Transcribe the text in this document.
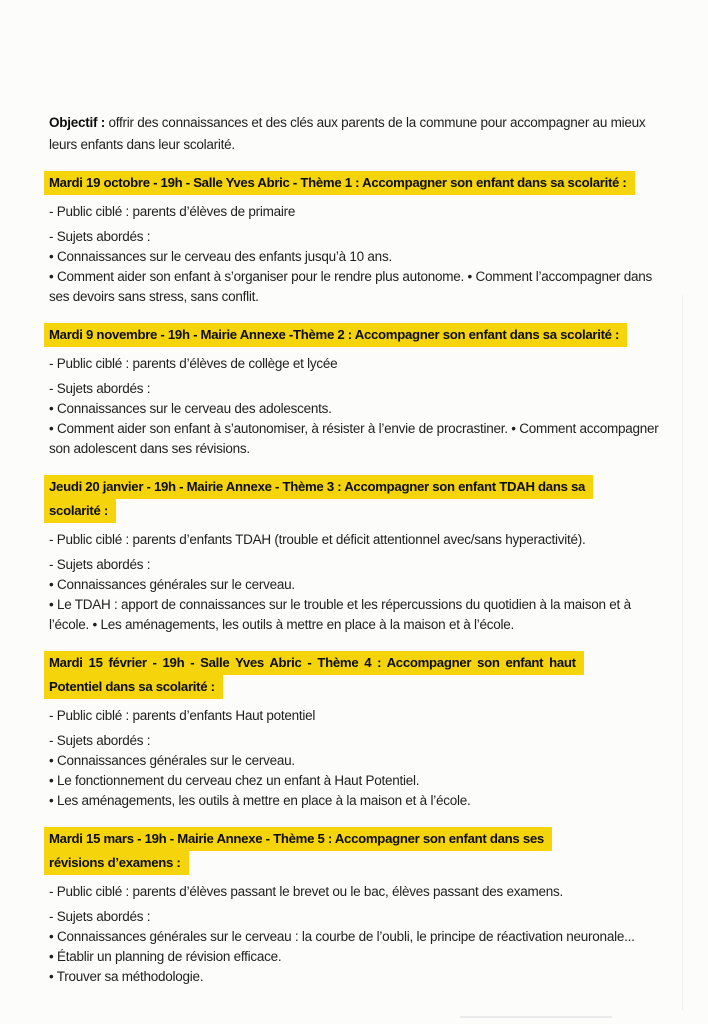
Objectif : offrir des connaissances et des clés aux parents de la commune pour accompagner au mieux leurs enfants dans leur scolarité.

Mardi 19 octobre - 19h - Salle Yves Abric - Thème 1 : Accompagner son enfant dans sa scolarité :

- Public ciblé : parents d’élèves de primaire

- Sujets abordés :

• Connaissances sur le cerveau des enfants jusqu’à 10 ans.

• Comment aider son enfant à s’organiser pour le rendre plus autonome. • Comment l’accompagner dans ses devoirs sans stress, sans conflit.

Mardi 9 novembre - 19h - Mairie Annexe -Thème 2 : Accompagner son enfant dans sa scolarité :

- Public ciblé : parents d’élèves de collège et lycée

- Sujets abordés :

• Connaissances sur le cerveau des adolescents.

• Comment aider son enfant à s’autonomiser, à résister à l’envie de procrastiner. • Comment accompagner son adolescent dans ses révisions.

Jeudi 20 janvier - 19h - Mairie Annexe - Thème 3 : Accompagner son enfant TDAH dans sa
scolarité :

- Public ciblé : parents d’enfants TDAH (trouble et déficit attentionnel avec/sans hyperactivité).

- Sujets abordés :

• Connaissances générales sur le cerveau.

• Le TDAH : apport de connaissances sur le trouble et les répercussions du quotidien à la maison et à l’école. • Les aménagements, les outils à mettre en place à la maison et à l’école.

Mardi 15 février - 19h - Salle Yves Abric - Thème 4 : Accompagner son enfant haut
Potentiel dans sa scolarité :

- Public ciblé : parents d’enfants Haut potentiel

- Sujets abordés :

• Connaissances générales sur le cerveau.

• Le fonctionnement du cerveau chez un enfant à Haut Potentiel.

• Les aménagements, les outils à mettre en place à la maison et à l’école.

Mardi 15 mars - 19h - Mairie Annexe - Thème 5 : Accompagner son enfant dans ses
révisions d’examens :

- Public ciblé : parents d’élèves passant le brevet ou le bac, élèves passant des examens.

- Sujets abordés :

• Connaissances générales sur le cerveau : la courbe de l’oubli, le principe de réactivation neuronale...

• Établir un planning de révision efficace.

• Trouver sa méthodologie.
